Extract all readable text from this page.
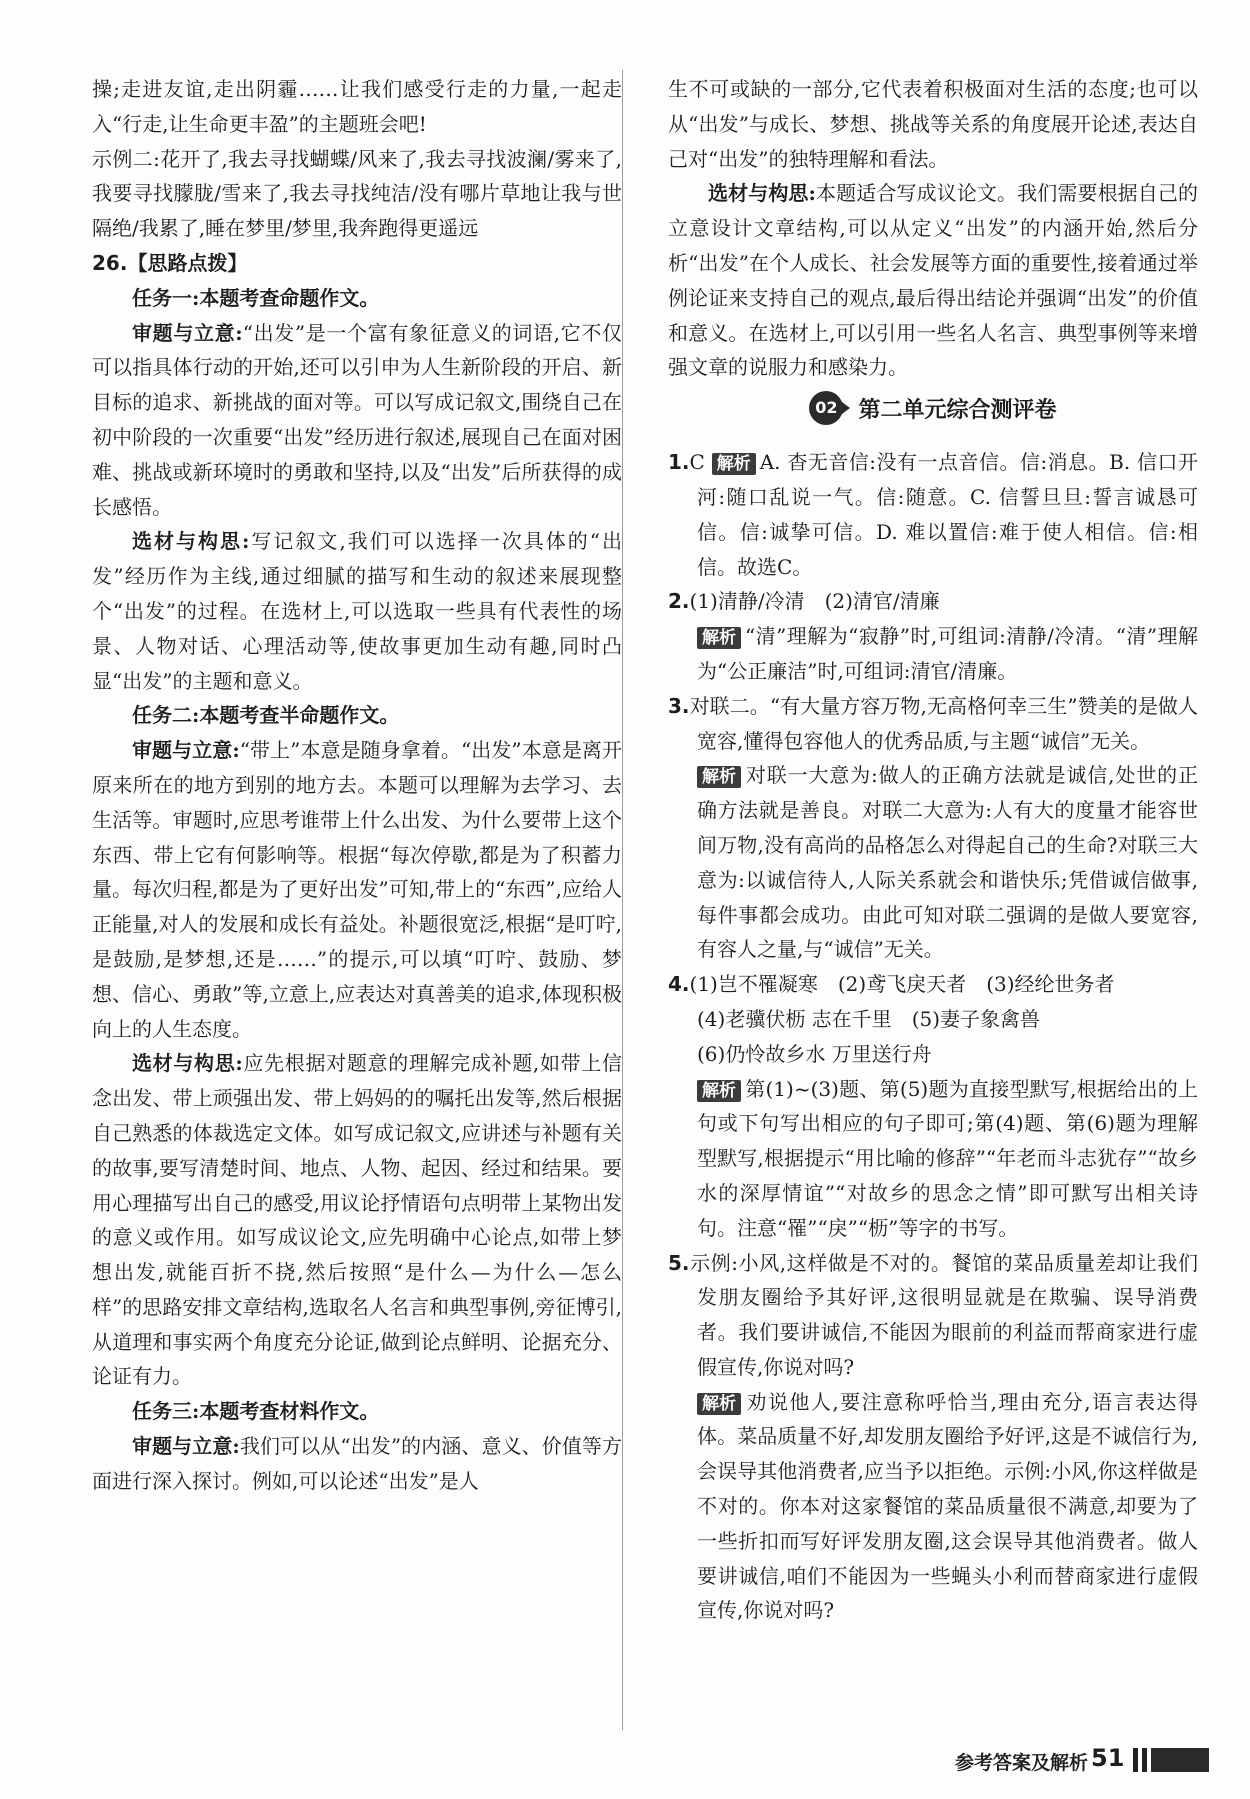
操;走进友谊,走出阴霾……让我们感受行走的力量,一起走入“行走,让生命更丰盈”的主题班会吧!

示例二:花开了,我去寻找蝴蝶/风来了,我去寻找波澜/雾来了,我要寻找朦胧/雪来了,我去寻找纯洁/没有哪片草地让我与世隔绝/我累了,睡在梦里/梦里,我奔跑得更遥远

26.【思路点拨】

任务一:本题考查命题作文。

审题与立意:“出发”是一个富有象征意义的词语,它不仅可以指具体行动的开始,还可以引申为人生新阶段的开启、新目标的追求、新挑战的面对等。可以写成记叙文,围绕自己在初中阶段的一次重要“出发”经历进行叙述,展现自己在面对困难、挑战或新环境时的勇敢和坚持,以及“出发”后所获得的成长感悟。

选材与构思:写记叙文,我们可以选择一次具体的“出发”经历作为主线,通过细腻的描写和生动的叙述来展现整个“出发”的过程。在选材上,可以选取一些具有代表性的场景、人物对话、心理活动等,使故事更加生动有趣,同时凸显“出发”的主题和意义。

任务二:本题考查半命题作文。

审题与立意:“带上”本意是随身拿着。“出发”本意是离开原来所在的地方到别的地方去。本题可以理解为去学习、去生活等。审题时,应思考谁带上什么出发、为什么要带上这个东西、带上它有何影响等。根据“每次停歇,都是为了积蓄力量。每次归程,都是为了更好出发”可知,带上的“东西”,应给人正能量,对人的发展和成长有益处。补题很宽泛,根据“是叮咛,是鼓励,是梦想,还是……”的提示,可以填“叮咛、鼓励、梦想、信心、勇敢”等,立意上,应表达对真善美的追求,体现积极向上的人生态度。

选材与构思:应先根据对题意的理解完成补题,如带上信念出发、带上顽强出发、带上妈妈的的嘱托出发等,然后根据自己熟悉的体裁选定文体。如写成记叙文,应讲述与补题有关的故事,要写清楚时间、地点、人物、起因、经过和结果。要用心理描写出自己的感受,用议论抒情语句点明带上某物出发的意义或作用。如写成议论文,应先明确中心论点,如带上梦想出发,就能百折不挠,然后按照“是什么—为什么—怎么样”的思路安排文章结构,选取名人名言和典型事例,旁征博引,从道理和事实两个角度充分论证,做到论点鲜明、论据充分、论证有力。

任务三:本题考查材料作文。

审题与立意:我们可以从“出发”的内涵、意义、价值等方面进行深入探讨。例如,可以论述“出发”是人

生不可或缺的一部分,它代表着积极面对生活的态度;也可以从“出发”与成长、梦想、挑战等关系的角度展开论述,表达自己对“出发”的独特理解和看法。

选材与构思:本题适合写成议论文。我们需要根据自己的立意设计文章结构,可以从定义“出发”的内涵开始,然后分析“出发”在个人成长、社会发展等方面的重要性,接着通过举例论证来支持自己的观点,最后得出结论并强调“出发”的价值和意义。在选材上,可以引用一些名人名言、典型事例等来增强文章的说服力和感染力。

02 第二单元综合测评卷

1.C 解析 A. 杳无音信:没有一点音信。信:消息。B. 信口开河:随口乱说一气。信:随意。C. 信誓旦旦:誓言诚恳可信。信:诚挚可信。D. 难以置信:难于使人相信。信:相信。故选C。

2.(1)清静/冷清 (2)清官/清廉

解析 “清”理解为“寂静”时,可组词:清静/冷清。“清”理解为“公正廉洁”时,可组词:清官/清廉。

3.对联二。“有大量方容万物,无高格何幸三生”赞美的是做人宽容,懂得包容他人的优秀品质,与主题“诚信”无关。

解析 对联一大意为:做人的正确方法就是诚信,处世的正确方法就是善良。对联二大意为:人有大的度量才能容世间万物,没有高尚的品格怎么对得起自己的生命?对联三大意为:以诚信待人,人际关系就会和谐快乐;凭借诚信做事,每件事都会成功。由此可知对联二强调的是做人要宽容,有容人之量,与“诚信”无关。

4.(1)岂不罹凝寒 (2)鸢飞戾天者 (3)经纶世务者

(4)老骥伏枥 志在千里 (5)妻子象禽兽

(6)仍怜故乡水 万里送行舟

解析 第(1)~(3)题、第(5)题为直接型默写,根据给出的上句或下句写出相应的句子即可;第(4)题、第(6)题为理解型默写,根据提示“用比喻的修辞”“年老而斗志犹存”“故乡水的深厚情谊”“对故乡的思念之情”即可默写出相关诗句。注意“罹”“戾”“枥”等字的书写。

5.示例:小风,这样做是不对的。餐馆的菜品质量差却让我们发朋友圈给予其好评,这很明显就是在欺骗、误导消费者。我们要讲诚信,不能因为眼前的利益而帮商家进行虚假宣传,你说对吗?

解析 劝说他人,要注意称呼恰当,理由充分,语言表达得体。菜品质量不好,却发朋友圈给予好评,这是不诚信行为,会误导其他消费者,应当予以拒绝。示例:小风,你这样做是不对的。你本对这家餐馆的菜品质量很不满意,却要为了一些折扣而写好评发朋友圈,这会误导其他消费者。做人要讲诚信,咱们不能因为一些蝇头小利而替商家进行虚假宣传,你说对吗?

参考答案及解析 51
